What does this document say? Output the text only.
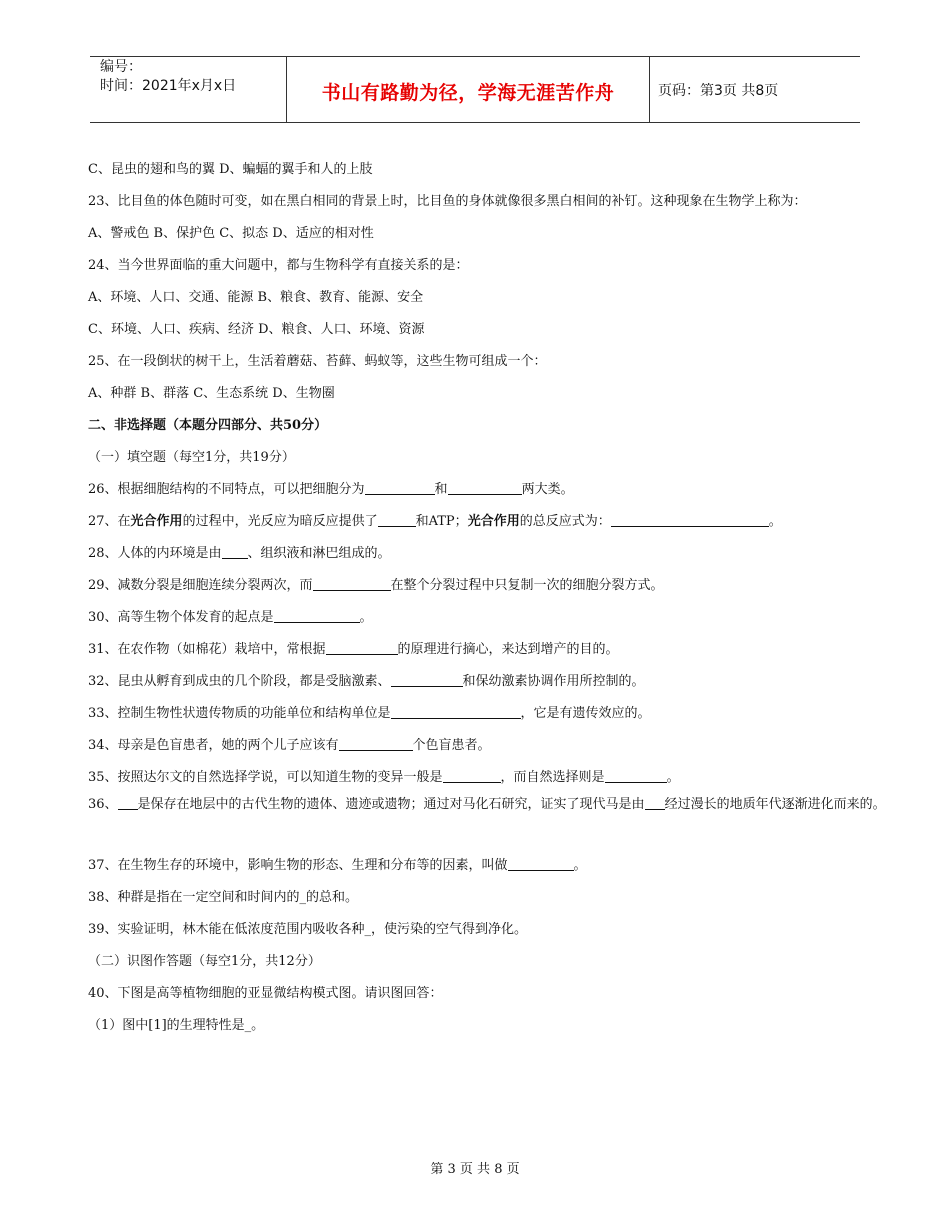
编号：
时间：2021年x月x日	书山有路勤为径，学海无涯苦作舟	页码：第3页 共8页
C、昆虫的翅和鸟的翼 D、蝙蝠的翼手和人的上肢
23、比目鱼的体色随时可变，如在黑白相同的背景上时，比目鱼的身体就像很多黑白相间的补钉。这种现象在生物学上称为：
A、警戒色 B、保护色 C、拟态 D、适应的相对性
24、当今世界面临的重大问题中，都与生物科学有直接关系的是：
A、环境、人口、交通、能源 B、粮食、教育、能源、安全
C、环境、人口、疾病、经济 D、粮食、人口、环境、资源
25、在一段倒状的树干上，生活着蘑菇、苔藓、蚂蚁等，这些生物可组成一个：
A、种群 B、群落 C、生态系统 D、生物圈
二、非选择题（本题分四部分、共50分）
（一）填空题（每空1分，共19分）
26、根据细胞结构的不同特点，可以把细胞分为	和	两大类。
27、在光合作用的过程中，光反应为暗反应提供了	和ATP；光合作用的总反应式为：	。
28、人体的内环境是由 、组织液和淋巴组成的。
29、减数分裂是细胞连续分裂两次，而	在整个分裂过程中只复制一次的细胞分裂方式。
30、高等生物个体发育的起点是	。
31、在农作物（如棉花）栽培中，常根据	的原理进行摘心，来达到增产的目的。
32、昆虫从孵育到成虫的几个阶段，都是受脑激素、	和保幼激素协调作用所控制的。
33、控制生物性状遗传物质的功能单位和结构单位是	，它是有遗传效应的。
34、母亲是色盲患者，她的两个儿子应该有	个色盲患者。
35、按照达尔文的自然选择学说，可以知道生物的变异一般是	，而自然选择则是	。
36、 是保存在地层中的古代生物的遗体、遗迹或遗物；通过对马化石研究，证实了现代马是由 经过漫长的地质年代逐渐进化而来的。
37、在生物生存的环境中，影响生物的形态、生理和分布等的因素，叫做	。
38、种群是指在一定空间和时间内的_的总和。
39、实验证明，林木能在低浓度范围内吸收各种_，使污染的空气得到净化。
（二）识图作答题（每空1分，共12分）
40、下图是高等植物细胞的亚显微结构模式图。请识图回答：
（1）图中[1]的生理特性是_。
第 3 页 共 8 页
